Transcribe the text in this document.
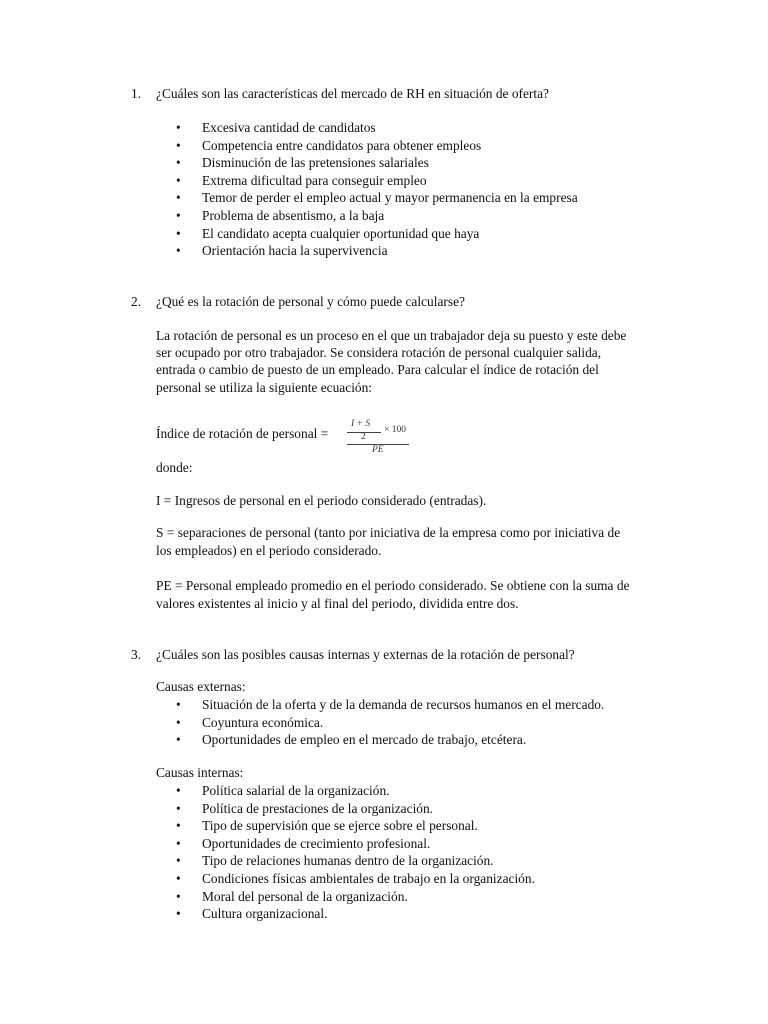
1. ¿Cuáles son las características del mercado de RH en situación de oferta?
• Excesiva cantidad de candidatos
• Competencia entre candidatos para obtener empleos
• Disminución de las pretensiones salariales
• Extrema dificultad para conseguir empleo
• Temor de perder el empleo actual y mayor permanencia en la empresa
• Problema de absentismo, a la baja
• El candidato acepta cualquier oportunidad que haya
• Orientación hacia la supervivencia
2. ¿Qué es la rotación de personal y cómo puede calcularse?
La rotación de personal es un proceso en el que un trabajador deja su puesto y este debe
ser ocupado por otro trabajador. Se considera rotación de personal cualquier salida,
entrada o cambio de puesto de un empleado. Para calcular el índice de rotación del
personal se utiliza la siguiente ecuación:
Índice de rotación de personal =
I + S
2
× 100
PE
donde:
I = Ingresos de personal en el periodo considerado (entradas).
S = separaciones de personal (tanto por iniciativa de la empresa como por iniciativa de
los empleados) en el periodo considerado.
PE = Personal empleado promedio en el periodo considerado. Se obtiene con la suma de
valores existentes al inicio y al final del periodo, dividida entre dos.
3. ¿Cuáles son las posibles causas internas y externas de la rotación de personal?
Causas externas:
• Situación de la oferta y de la demanda de recursos humanos en el mercado.
• Coyuntura económica.
• Oportunidades de empleo en el mercado de trabajo, etcétera.
Causas internas:
• Política salarial de la organización.
• Política de prestaciones de la organización.
• Tipo de supervisión que se ejerce sobre el personal.
• Oportunidades de crecimiento profesional.
• Tipo de relaciones humanas dentro de la organización.
• Condiciones físicas ambientales de trabajo en la organización.
• Moral del personal de la organización.
• Cultura organizacional.
